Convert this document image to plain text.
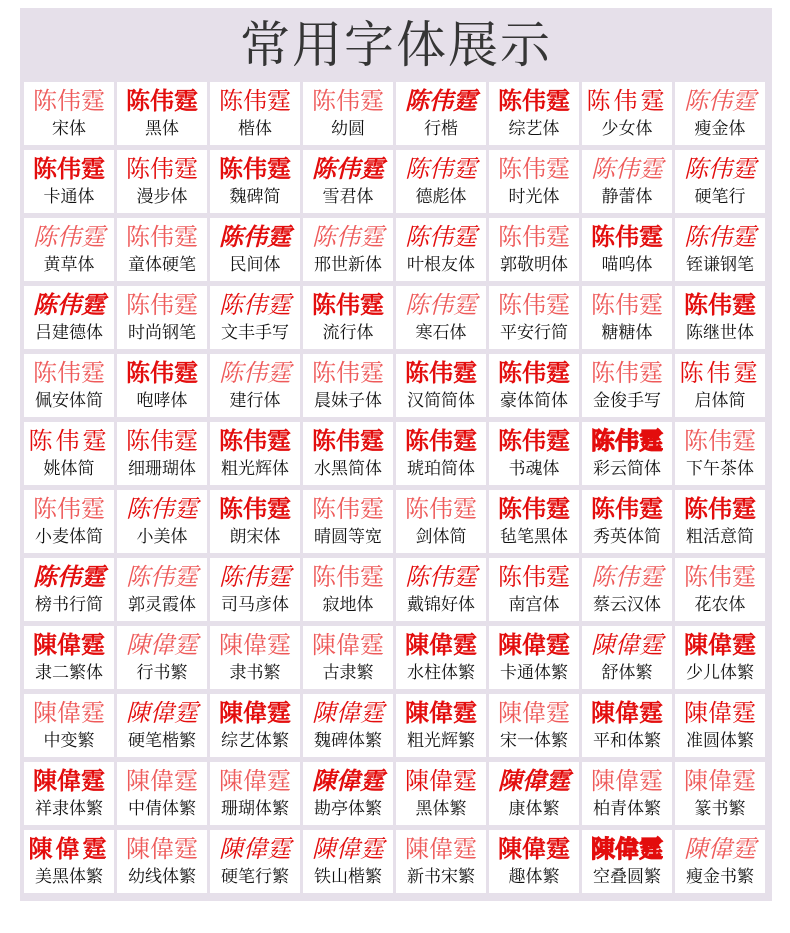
常用字体展示
陈伟霆
宋体
陈伟霆
黑体
陈伟霆
楷体
陈伟霆
幼圆
陈伟霆
行楷
陈伟霆
综艺体
陈伟霆
少女体
陈伟霆
瘦金体
陈伟霆
卡通体
陈伟霆
漫步体
陈伟霆
魏碑简
陈伟霆
雪君体
陈伟霆
德彪体
陈伟霆
时光体
陈伟霆
静蕾体
陈伟霆
硬笔行
陈伟霆
黄草体
陈伟霆
童体硬笔
陈伟霆
民间体
陈伟霆
邢世新体
陈伟霆
叶根友体
陈伟霆
郭敬明体
陈伟霆
喵呜体
陈伟霆
铚谦钢笔
陈伟霆
吕建德体
陈伟霆
时尚钢笔
陈伟霆
文丰手写
陈伟霆
流行体
陈伟霆
寒石体
陈伟霆
平安行简
陈伟霆
糖糖体
陈伟霆
陈继世体
陈伟霆
佩安体简
陈伟霆
咆哮体
陈伟霆
建行体
陈伟霆
晨妹子体
陈伟霆
汉简简体
陈伟霆
豪体简体
陈伟霆
金俊手写
陈伟霆
启体简
陈伟霆
姚体简
陈伟霆
细珊瑚体
陈伟霆
粗光辉体
陈伟霆
水黑简体
陈伟霆
琥珀简体
陈伟霆
书魂体
陈伟霆
彩云简体
陈伟霆
下午茶体
陈伟霆
小麦体简
陈伟霆
小美体
陈伟霆
朗宋体
陈伟霆
晴圆等宽
陈伟霆
剑体简
陈伟霆
毡笔黑体
陈伟霆
秀英体简
陈伟霆
粗活意简
陈伟霆
榜书行简
陈伟霆
郭灵霞体
陈伟霆
司马彦体
陈伟霆
寂地体
陈伟霆
戴锦好体
陈伟霆
南宫体
陈伟霆
蔡云汉体
陈伟霆
花农体
陳偉霆
隶二繁体
陳偉霆
行书繁
陳偉霆
隶书繁
陳偉霆
古隶繁
陳偉霆
水柱体繁
陳偉霆
卡通体繁
陳偉霆
舒体繁
陳偉霆
少儿体繁
陳偉霆
中变繁
陳偉霆
硬笔楷繁
陳偉霆
综艺体繁
陳偉霆
魏碑体繁
陳偉霆
粗光辉繁
陳偉霆
宋一体繁
陳偉霆
平和体繁
陳偉霆
准圆体繁
陳偉霆
祥隶体繁
陳偉霆
中倩体繁
陳偉霆
珊瑚体繁
陳偉霆
勘亭体繁
陳偉霆
黑体繁
陳偉霆
康体繁
陳偉霆
柏青体繁
陳偉霆
篆书繁
陳偉霆
美黑体繁
陳偉霆
幼线体繁
陳偉霆
硬笔行繁
陳偉霆
铁山楷繁
陳偉霆
新书宋繁
陳偉霆
趣体繁
陳偉霆
空叠圆繁
陳偉霆
瘦金书繁
